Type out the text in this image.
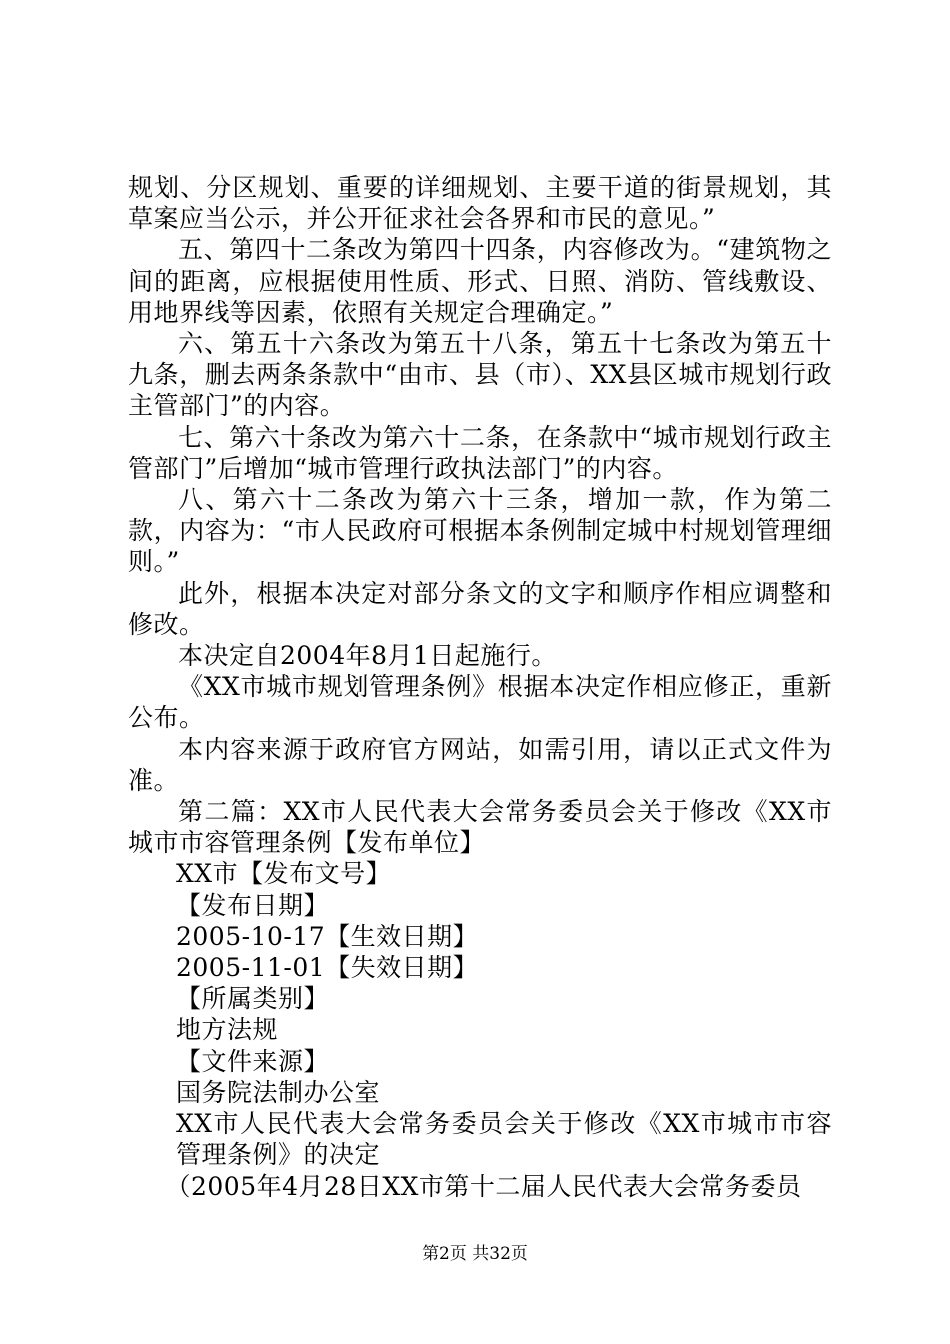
规划、分区规划、重要的详细规划、主要干道的街景规划，其草案应当公示，并公开征求社会各界和市民的意见。”

五、第四十二条改为第四十四条，内容修改为。“建筑物之间的距离，应根据使用性质、形式、日照、消防、管线敷设、用地界线等因素，依照有关规定合理确定。”

六、第五十六条改为第五十八条，第五十七条改为第五十九条，删去两条条款中“由市、县（市）、XX县区城市规划行政主管部门”的内容。

七、第六十条改为第六十二条，在条款中“城市规划行政主管部门”后增加“城市管理行政执法部门”的内容。

八、第六十二条改为第六十三条，增加一款，作为第二款，内容为：“市人民政府可根据本条例制定城中村规划管理细则。”

此外，根据本决定对部分条文的文字和顺序作相应调整和修改。

本决定自2004年8月1日起施行。

《XX市城市规划管理条例》根据本决定作相应修正，重新公布。

本内容来源于政府官方网站，如需引用，请以正式文件为准。

第二篇：XX市人民代表大会常务委员会关于修改《XX市城市市容管理条例【发布单位】

XX市【发布文号】

【发布日期】

2005-10-17【生效日期】

2005-11-01【失效日期】

【所属类别】

地方法规

【文件来源】

国务院法制办公室

XX市人民代表大会常务委员会关于修改《XX市城市市容管理条例》的决定

（2005年4月28日XX市第十二届人民代表大会常务委员

第2页 共32页
